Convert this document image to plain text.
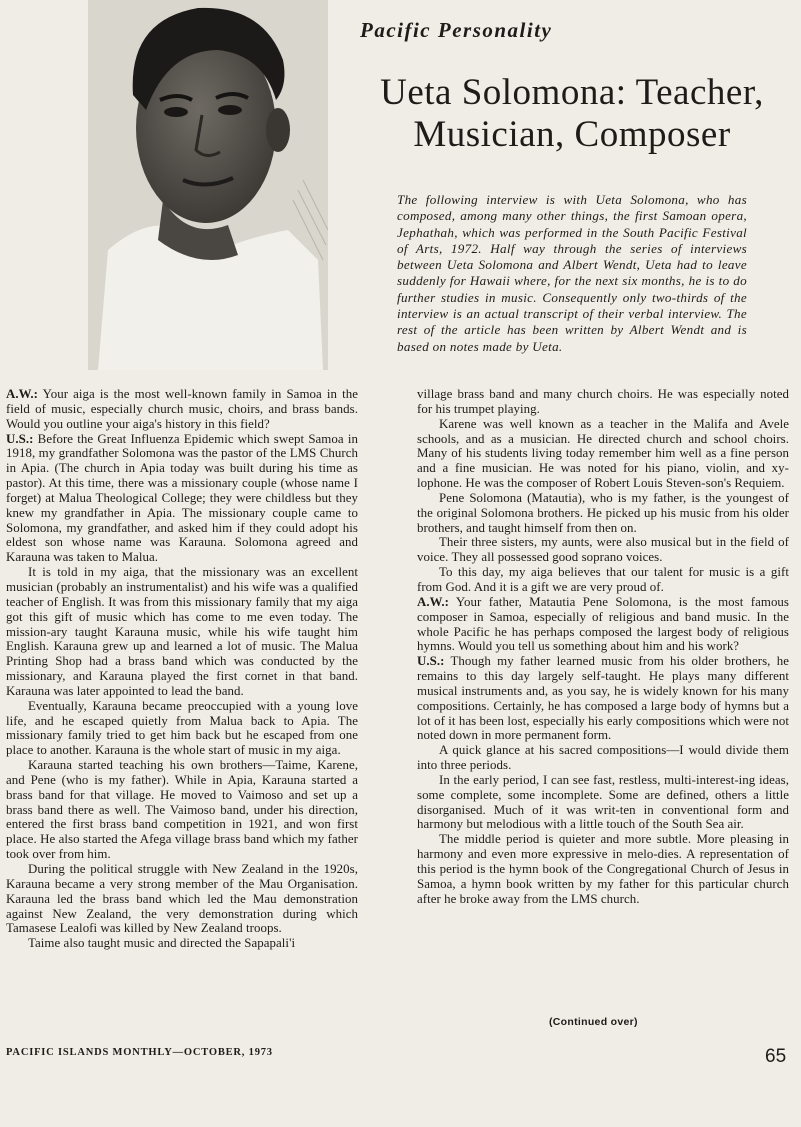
Pacific Personality
Ueta Solomona: Teacher,
Musician, Composer
The following interview is with Ueta Solomona, who has composed, among many other things, the first Samoan opera, Jephathah, which was performed in the South Pacific Festival of Arts, 1972. Half way through the series of interviews between Ueta Solomona and Albert Wendt, Ueta had to leave suddenly for Hawaii where, for the next six months, he is to do further studies in music. Consequently only two-thirds of the interview is an actual transcript of their verbal interview. The rest of the article has been written by Albert Wendt and is based on notes made by Ueta.

A.W.: Your aiga is the most well-known family in Samoa in the field of music, especially church music, choirs, and brass bands. Would you outline your aiga's history in this field?

U.S.: Before the Great Influenza Epidemic which swept Samoa in 1918, my grandfather Solomona was the pastor of the LMS Church in Apia. (The church in Apia today was built during his time as pastor). At this time, there was a missionary couple (whose name I forget) at Malua Theological College; they were childless but they knew my grandfather in Apia. The missionary couple came to Solomona, my grandfather, and asked him if they could adopt his eldest son whose name was Karauna. Solomona agreed and Karauna was taken to Malua.

It is told in my aiga, that the missionary was an excellent musician (probably an instrumentalist) and his wife was a qualified teacher of English. It was from this missionary family that my aiga got this gift of music which has come to me even today. The mission-ary taught Karauna music, while his wife taught him English. Karauna grew up and learned a lot of music. The Malua Printing Shop had a brass band which was conducted by the missionary, and Karauna played the first cornet in that band. Karauna was later appointed to lead the band.

Eventually, Karauna became preoccupied with a young love life, and he escaped quietly from Malua back to Apia. The missionary family tried to get him back but he escaped from one place to another. Karauna is the whole start of music in my aiga.

Karauna started teaching his own brothers—Taime, Karene, and Pene (who is my father). While in Apia, Karauna started a brass band for that village. He moved to Vaimoso and set up a brass band there as well. The Vaimoso band, under his direction, entered the first brass band competition in 1921, and won first place. He also started the Afega village brass band which my father took over from him.

During the political struggle with New Zealand in the 1920s, Karauna became a very strong member of the Mau Organisation. Karauna led the brass band which led the Mau demonstration against New Zealand, the very demonstration during which Tamasese Lealofi was killed by New Zealand troops.

Taime also taught music and directed the Sapapali'i

village brass band and many church choirs. He was especially noted for his trumpet playing.

Karene was well known as a teacher in the Malifa and Avele schools, and as a musician. He directed church and school choirs. Many of his students living today remember him well as a fine person and a fine musician. He was noted for his piano, violin, and xy-lophone. He was the composer of Robert Louis Steven-son's Requiem.

Pene Solomona (Matautia), who is my father, is the youngest of the original Solomona brothers. He picked up his music from his older brothers, and taught himself from then on.

Their three sisters, my aunts, were also musical but in the field of voice. They all possessed good soprano voices.

To this day, my aiga believes that our talent for music is a gift from God. And it is a gift we are very proud of.

A.W.: Your father, Matautia Pene Solomona, is the most famous composer in Samoa, especially of religious and band music. In the whole Pacific he has perhaps composed the largest body of religious hymns. Would you tell us something about him and his work?

U.S.: Though my father learned music from his older brothers, he remains to this day largely self-taught. He plays many different musical instruments and, as you say, he is widely known for his many compositions. Certainly, he has composed a large body of hymns but a lot of it has been lost, especially his early compositions which were not noted down in more permanent form.

A quick glance at his sacred compositions—I would divide them into three periods.

In the early period, I can see fast, restless, multi-interest-ing ideas, some complete, some incomplete. Some are defined, others a little disorganised. Much of it was writ-ten in conventional form and harmony but melodious with a little touch of the South Sea air.

The middle period is quieter and more subtle. More pleasing in harmony and even more expressive in melo-dies. A representation of this period is the hymn book of the Congregational Church of Jesus in Samoa, a hymn book written by my father for this particular church after he broke away from the LMS church.

(Continued over)
PACIFIC ISLANDS MONTHLY—OCTOBER, 1973	65
